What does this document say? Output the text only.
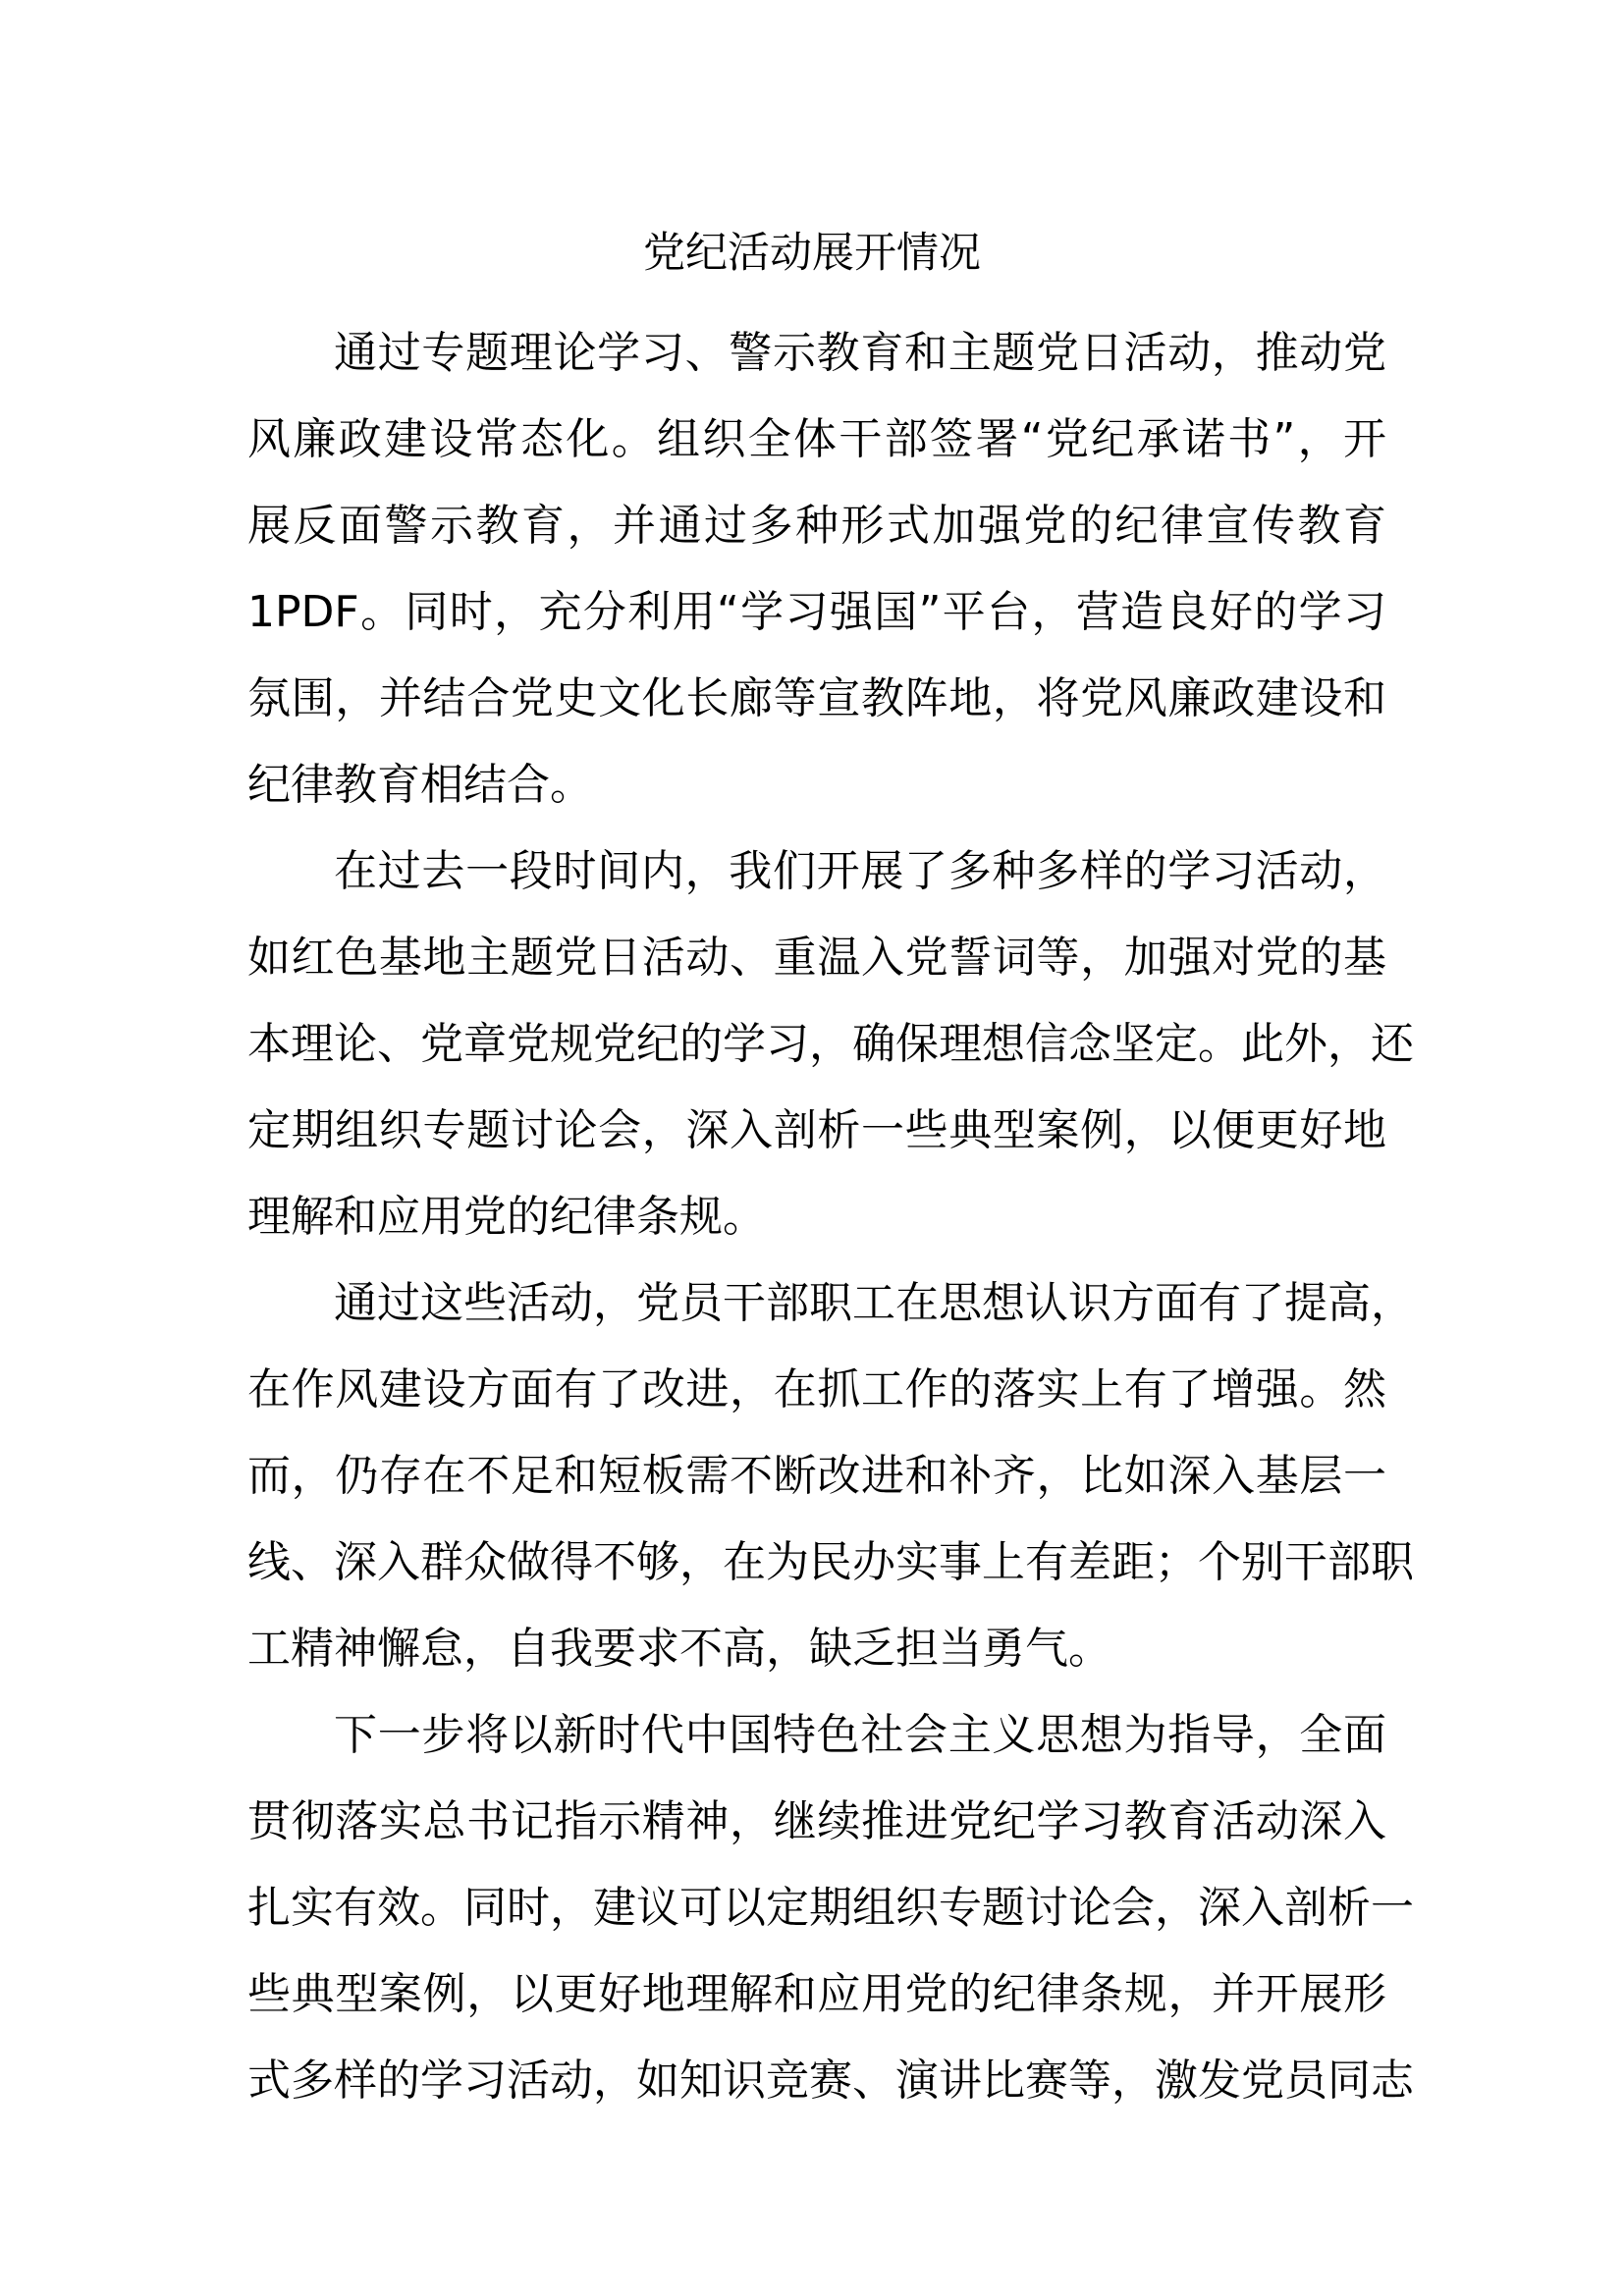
党纪活动展开情况
通过专题理论学习、警示教育和主题党日活动，推动党
风廉政建设常态化。组织全体干部签署“党纪承诺书”，开
展反面警示教育，并通过多种形式加强党的纪律宣传教育
1PDF。同时，充分利用“学习强国”平台，营造良好的学习
氛围，并结合党史文化长廊等宣教阵地，将党风廉政建设和
纪律教育相结合。
在过去一段时间内，我们开展了多种多样的学习活动，
如红色基地主题党日活动、重温入党誓词等，加强对党的基
本理论、党章党规党纪的学习，确保理想信念坚定。此外，还
定期组织专题讨论会，深入剖析一些典型案例，以便更好地
理解和应用党的纪律条规。
通过这些活动，党员干部职工在思想认识方面有了提高，
在作风建设方面有了改进，在抓工作的落实上有了增强。然
而，仍存在不足和短板需不断改进和补齐，比如深入基层一
线、深入群众做得不够，在为民办实事上有差距；个别干部职
工精神懈怠，自我要求不高，缺乏担当勇气。
下一步将以新时代中国特色社会主义思想为指导，全面
贯彻落实总书记指示精神，继续推进党纪学习教育活动深入
扎实有效。同时，建议可以定期组织专题讨论会，深入剖析一
些典型案例，以更好地理解和应用党的纪律条规，并开展形
式多样的学习活动，如知识竞赛、演讲比赛等，激发党员同志
